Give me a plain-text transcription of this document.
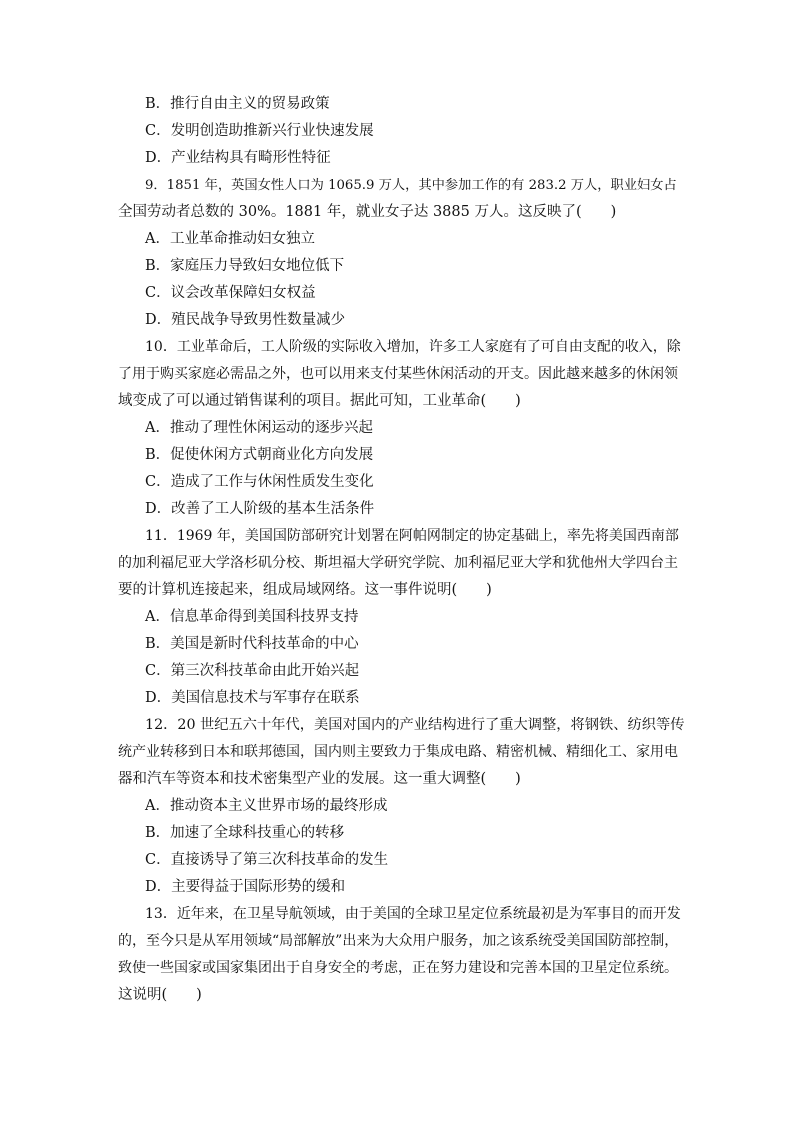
B．推行自由主义的贸易政策
C．发明创造助推新兴行业快速发展
D．产业结构具有畸形性特征
9．1851 年，英国女性人口为 1065.9 万人，其中参加工作的有 283.2 万人，职业妇女占
全国劳动者总数的 30%。1881 年，就业女子达 3885 万人。这反映了(　　)
A．工业革命推动妇女独立
B．家庭压力导致妇女地位低下
C．议会改革保障妇女权益
D．殖民战争导致男性数量减少
10．工业革命后，工人阶级的实际收入增加，许多工人家庭有了可自由支配的收入，除
了用于购买家庭必需品之外，也可以用来支付某些休闲活动的开支。因此越来越多的休闲领
域变成了可以通过销售谋利的项目。据此可知，工业革命(　　)
A．推动了理性休闲运动的逐步兴起
B．促使休闲方式朝商业化方向发展
C．造成了工作与休闲性质发生变化
D．改善了工人阶级的基本生活条件
11．1969 年，美国国防部研究计划署在阿帕网制定的协定基础上，率先将美国西南部
的加利福尼亚大学洛杉矶分校、斯坦福大学研究学院、加利福尼亚大学和犹他州大学四台主
要的计算机连接起来，组成局域网络。这一事件说明(　　)
A．信息革命得到美国科技界支持
B．美国是新时代科技革命的中心
C．第三次科技革命由此开始兴起
D．美国信息技术与军事存在联系
12．20 世纪五六十年代，美国对国内的产业结构进行了重大调整，将钢铁、纺织等传
统产业转移到日本和联邦德国，国内则主要致力于集成电路、精密机械、精细化工、家用电
器和汽车等资本和技术密集型产业的发展。这一重大调整(　　)
A．推动资本主义世界市场的最终形成
B．加速了全球科技重心的转移
C．直接诱导了第三次科技革命的发生
D．主要得益于国际形势的缓和
13．近年来，在卫星导航领域，由于美国的全球卫星定位系统最初是为军事目的而开发
的，至今只是从军用领域“局部解放”出来为大众用户服务，加之该系统受美国国防部控制，
致使一些国家或国家集团出于自身安全的考虑，正在努力建设和完善本国的卫星定位系统。
这说明(　　)
